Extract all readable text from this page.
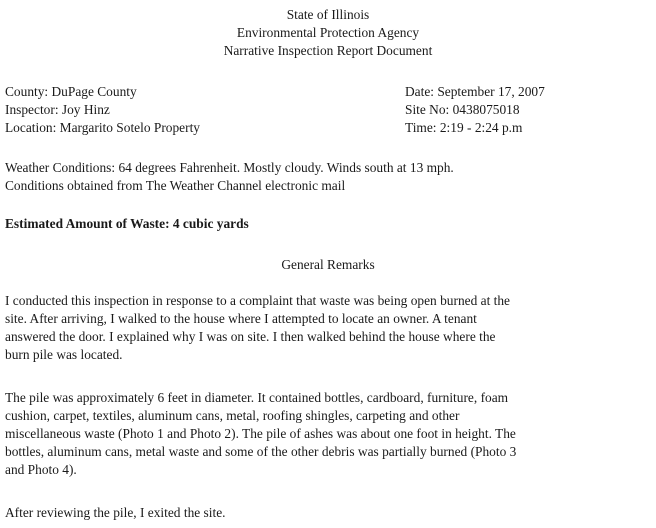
State of Illinois
Environmental Protection Agency
Narrative Inspection Report Document
County: DuPage County
Inspector: Joy Hinz
Location: Margarito Sotelo Property
Date: September 17, 2007
Site No: 0438075018
Time: 2:19 - 2:24 p.m
Weather Conditions: 64 degrees Fahrenheit. Mostly cloudy. Winds south at 13 mph.
Conditions obtained from The Weather Channel electronic mail
Estimated Amount of Waste: 4 cubic yards
General Remarks
I conducted this inspection in response to a complaint that waste was being open burned at the
site. After arriving, I walked to the house where I attempted to locate an owner. A tenant
answered the door. I explained why I was on site. I then walked behind the house where the
burn pile was located.
The pile was approximately 6 feet in diameter. It contained bottles, cardboard, furniture, foam
cushion, carpet, textiles, aluminum cans, metal, roofing shingles, carpeting and other
miscellaneous waste (Photo 1 and Photo 2). The pile of ashes was about one foot in height. The
bottles, aluminum cans, metal waste and some of the other debris was partially burned (Photo 3
and Photo 4).
After reviewing the pile, I exited the site.
